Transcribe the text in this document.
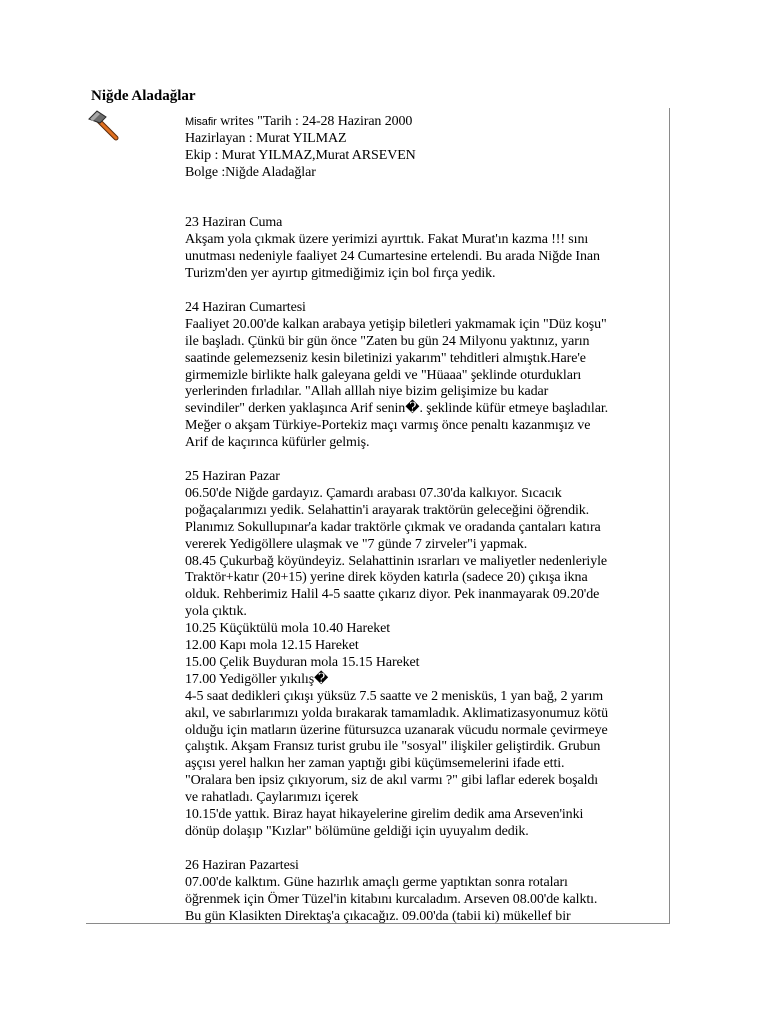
Niğde Aladağlar

Misafir writes "Tarih : 24-28 Haziran 2000

Hazirlayan : Murat YILMAZ

Ekip : Murat YILMAZ,Murat ARSEVEN

Bolge :Niğde Aladağlar

23 Haziran Cuma

Akşam yola çıkmak üzere yerimizi ayırttık. Fakat Murat'ın kazma !!! sını

unutması nedeniyle faaliyet 24 Cumartesine ertelendi. Bu arada Niğde Inan

Turizm'den yer ayırtıp gitmediğimiz için bol fırça yedik.

24 Haziran Cumartesi

Faaliyet 20.00'de kalkan arabaya yetişip biletleri yakmamak için "Düz koşu"

ile başladı. Çünkü bir gün önce "Zaten bu gün 24 Milyonu yaktınız, yarın

saatinde gelemezseniz kesin biletinizi yakarım" tehditleri almıştık.Hare'e

girmemizle birlikte halk galeyana geldi ve "Hüaaa" şeklinde oturdukları

yerlerinden fırladılar. "Allah alllah niye bizim gelişimize bu kadar

sevindiler" derken yaklaşınca Arif senin�. şeklinde küfür etmeye başladılar.

Meğer o akşam Türkiye-Portekiz maçı varmış önce penaltı kazanmışız ve

Arif de kaçırınca küfürler gelmiş.

25 Haziran Pazar

06.50'de Niğde gardayız. Çamardı arabası 07.30'da kalkıyor. Sıcacık

poğaçalarımızı yedik. Selahattin'i arayarak traktörün geleceğini öğrendik.

Planımız Sokullupınar'a kadar traktörle çıkmak ve oradanda çantaları katıra

vererek Yedigöllere ulaşmak ve "7 günde 7 zirveler"i yapmak.

08.45 Çukurbağ köyündeyiz. Selahattinin ısrarları ve maliyetler nedenleriyle

Traktör+katır (20+15) yerine direk köyden katırla (sadece 20) çıkışa ikna

olduk. Rehberimiz Halil 4-5 saatte çıkarız diyor. Pek inanmayarak 09.20'de

yola çıktık.

10.25 Küçüktülü mola 10.40 Hareket

12.00 Kapı mola 12.15 Hareket

15.00 Çelik Buyduran mola 15.15 Hareket

17.00 Yedigöller yıkılış�

4-5 saat dedikleri çıkışı yüksüz 7.5 saatte ve 2 menisküs, 1 yan bağ, 2 yarım

akıl, ve sabırlarımızı yolda bırakarak tamamladık. Aklimatizasyonumuz kötü

olduğu için matların üzerine fütursuzca uzanarak vücudu normale çevirmeye

çalıştık. Akşam Fransız turist grubu ile "sosyal" ilişkiler geliştirdik. Grubun

aşçısı yerel halkın her zaman yaptığı gibi küçümsemelerini ifade etti.

"Oralara ben ipsiz çıkıyorum, siz de akıl varmı ?" gibi laflar ederek boşaldı

ve rahatladı. Çaylarımızı içerek

10.15'de yattık. Biraz hayat hikayelerine girelim dedik ama Arseven'inki

dönüp dolaşıp "Kızlar" bölümüne geldiği için uyuyalım dedik.

26 Haziran Pazartesi

07.00'de kalktım. Güne hazırlık amaçlı germe yaptıktan sonra rotaları

öğrenmek için Ömer Tüzel'in kitabını kurcaladım. Arseven 08.00'de kalktı.

Bu gün Klasikten Direktaş'a çıkacağız. 09.00'da (tabii ki) mükellef bir
